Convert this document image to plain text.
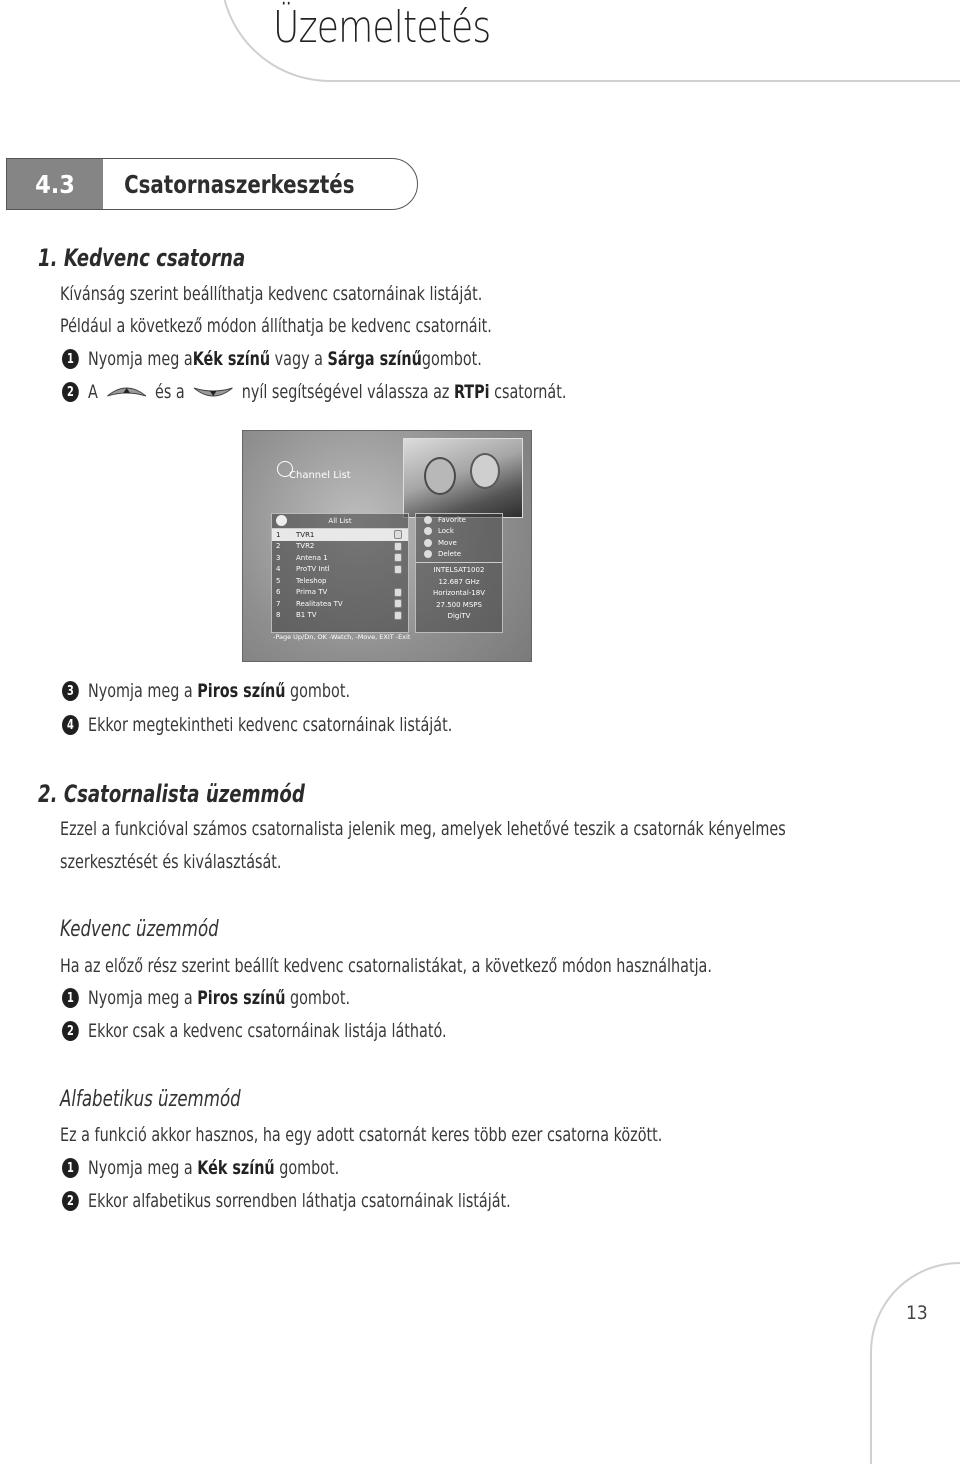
Üzemeltetés
4.3	Csatornaszerkesztés
1. Kedvenc csatorna
Kívánság szerint beállíthatja kedvenc csatornáinak listáját.
Például a következő módon állíthatja be kedvenc csatornáit.
1 Nyomja meg a Kék színű vagy a Sárga színű gombot.
2 A	és a	nyíl segítségével válassza az RTPi csatornát.
Channel List
All List
1	TVR1
2	TVR2
3	Antena 1
4	ProTV Intl
5	Teleshop
6	Prima TV
7	Realitatea TV
8	B1 TV
Favorite
Lock
Move
Delete
INTELSAT1002
12.687 GHz
Horizontal-18V
27.500 MSPS
DigiTV
-Page Up/Dn, OK -Watch, -Move, EXIT -Exit
3 Nyomja meg a Piros színű gombot.
4 Ekkor megtekintheti kedvenc csatornáinak listáját.
2. Csatornalista üzemmód
Ezzel a funkcióval számos csatornalista jelenik meg, amelyek lehetővé teszik a csatornák kényelmes
szerkesztését és kiválasztását.
Kedvenc üzemmód
Ha az előző rész szerint beállít kedvenc csatornalistákat, a következő módon használhatja.
1 Nyomja meg a Piros színű gombot.
2 Ekkor csak a kedvenc csatornáinak listája látható.
Alfabetikus üzemmód
Ez a funkció akkor hasznos, ha egy adott csatornát keres több ezer csatorna között.
1 Nyomja meg a Kék színű gombot.
2 Ekkor alfabetikus sorrendben láthatja csatornáinak listáját.
13
